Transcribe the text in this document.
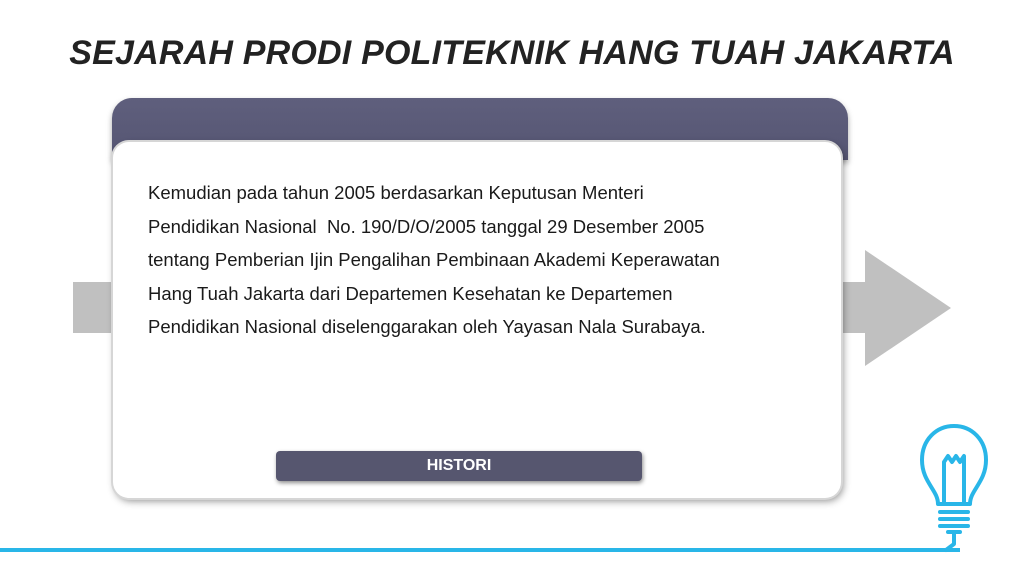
SEJARAH PRODI POLITEKNIK HANG TUAH JAKARTA
Kemudian pada tahun 2005 berdasarkan Keputusan Menteri
Pendidikan Nasional  No. 190/D/O/2005 tanggal 29 Desember 2005
tentang Pemberian Ijin Pengalihan Pembinaan Akademi Keperawatan
Hang Tuah Jakarta dari Departemen Kesehatan ke Departemen
Pendidikan Nasional diselenggarakan oleh Yayasan Nala Surabaya.
HISTORI
